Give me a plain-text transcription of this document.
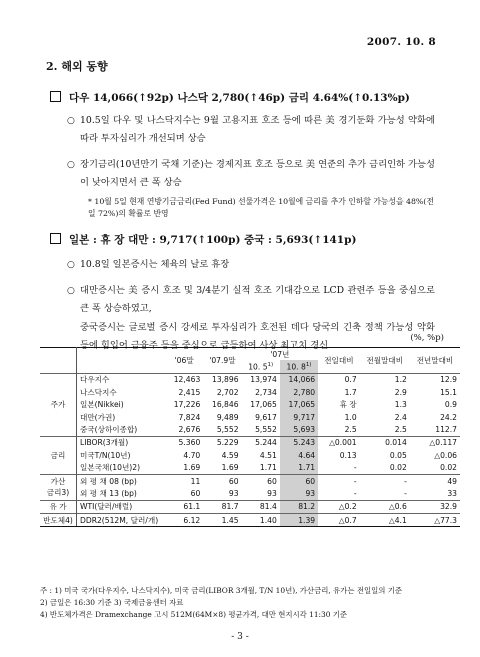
2007. 10. 8
2. 해외 동향
다우 14,066(↑92p) 나스닥 2,780(↑46p) 금리 4.64%(↑0.13%p)
○ 10.5일 다우 및 나스닥지수는 9월 고용지표 호조 등에 따른 美 경기둔화 가능성 약화에 따라 투자심리가 개선되며 상승
○ 장기금리(10년만기 국채 기준)는 경제지표 호조 등으로 美 연준의 추가 금리인하 가능성이 낮아지면서 큰 폭 상승
* 10월 5일 현재 연방기금금리(Fed Fund) 선물가격은 10월에 금리를 추가 인하할 가능성을 48%(전일 72%)의 확률로 반영
일본 : 휴 장 대만 : 9,717(↑100p) 중국 : 5,693(↑141p)
○ 10.8일 일본증시는 체육의 날로 휴장
○ 대만증시는 美 증시 호조 및 3/4분기 실적 호조 기대감으로 LCD 관련주 등을 중심으로 큰 폭 상승하였고,
(%, %p)
		'06말	'07.9말	'07년		전일대비	전월말대비	전년말대비
				10. 5$^{1)}$	10. 8$^{1)}$
주가	다우지수	12,463	13,896	13,974	14,066	0.7	1.2	12.9
	나스닥지수	2,415	2,702	2,734	2,780	1.7	2.9	15.1
	일본(Nikkei)	17,226	16,846	17,065	17,065	휴 장	1.3	0.9
	대만(가권)	7,824	9,489	9,617	9,717	1.0	2.4	24.2
	중국(상하이종합)	2,676	5,552	5,552	5,693	2.5	2.5	112.7
금리	LIBOR(3개월)	5.360	5.229	5.244	5.243	△0.001	0.014	△0.117
	미국T/N(10년)	4.70	4.59	4.51	4.64	0.13	0.05	△0.06
	일본국채(10년)2)	1.69	1.69	1.71	1.71	-	0.02	0.02
가산
금리3)	외 평 채 08 (bp)	11	60	60	60	-	-	49
	외 평 채 13 (bp)	60	93	93	93	-	-	33
유 가	WTI(달러/배럴)	61.1	81.7	81.4	81.2	△0.2	△0.6	32.9
반도체4)	DDR2(512M, 달러/개)	6.12	1.45	1.40	1.39	△0.7	△4.1	△77.3
주 : 1) 미국 국가(다우지수, 나스닥지수), 미국 금리(LIBOR 3개월, T/N 10년), 가산금리, 유가는 전일일의 기준
2) 금일은 16:30 기준 3) 국제금융센터 자료
4) 반도체가격은 Dramexchange 고시 512M(64M×8) 평균가격, 대만 현지시각 11:30 기준
- 3 -
중국증시는 글로벌 증시 강세로 투자심리가 호전된 데다 당국의 긴축 정책 가능성 약화 등에 힘입어 금융주 등을 중심으로 급등하여 사상 최고치 경신
